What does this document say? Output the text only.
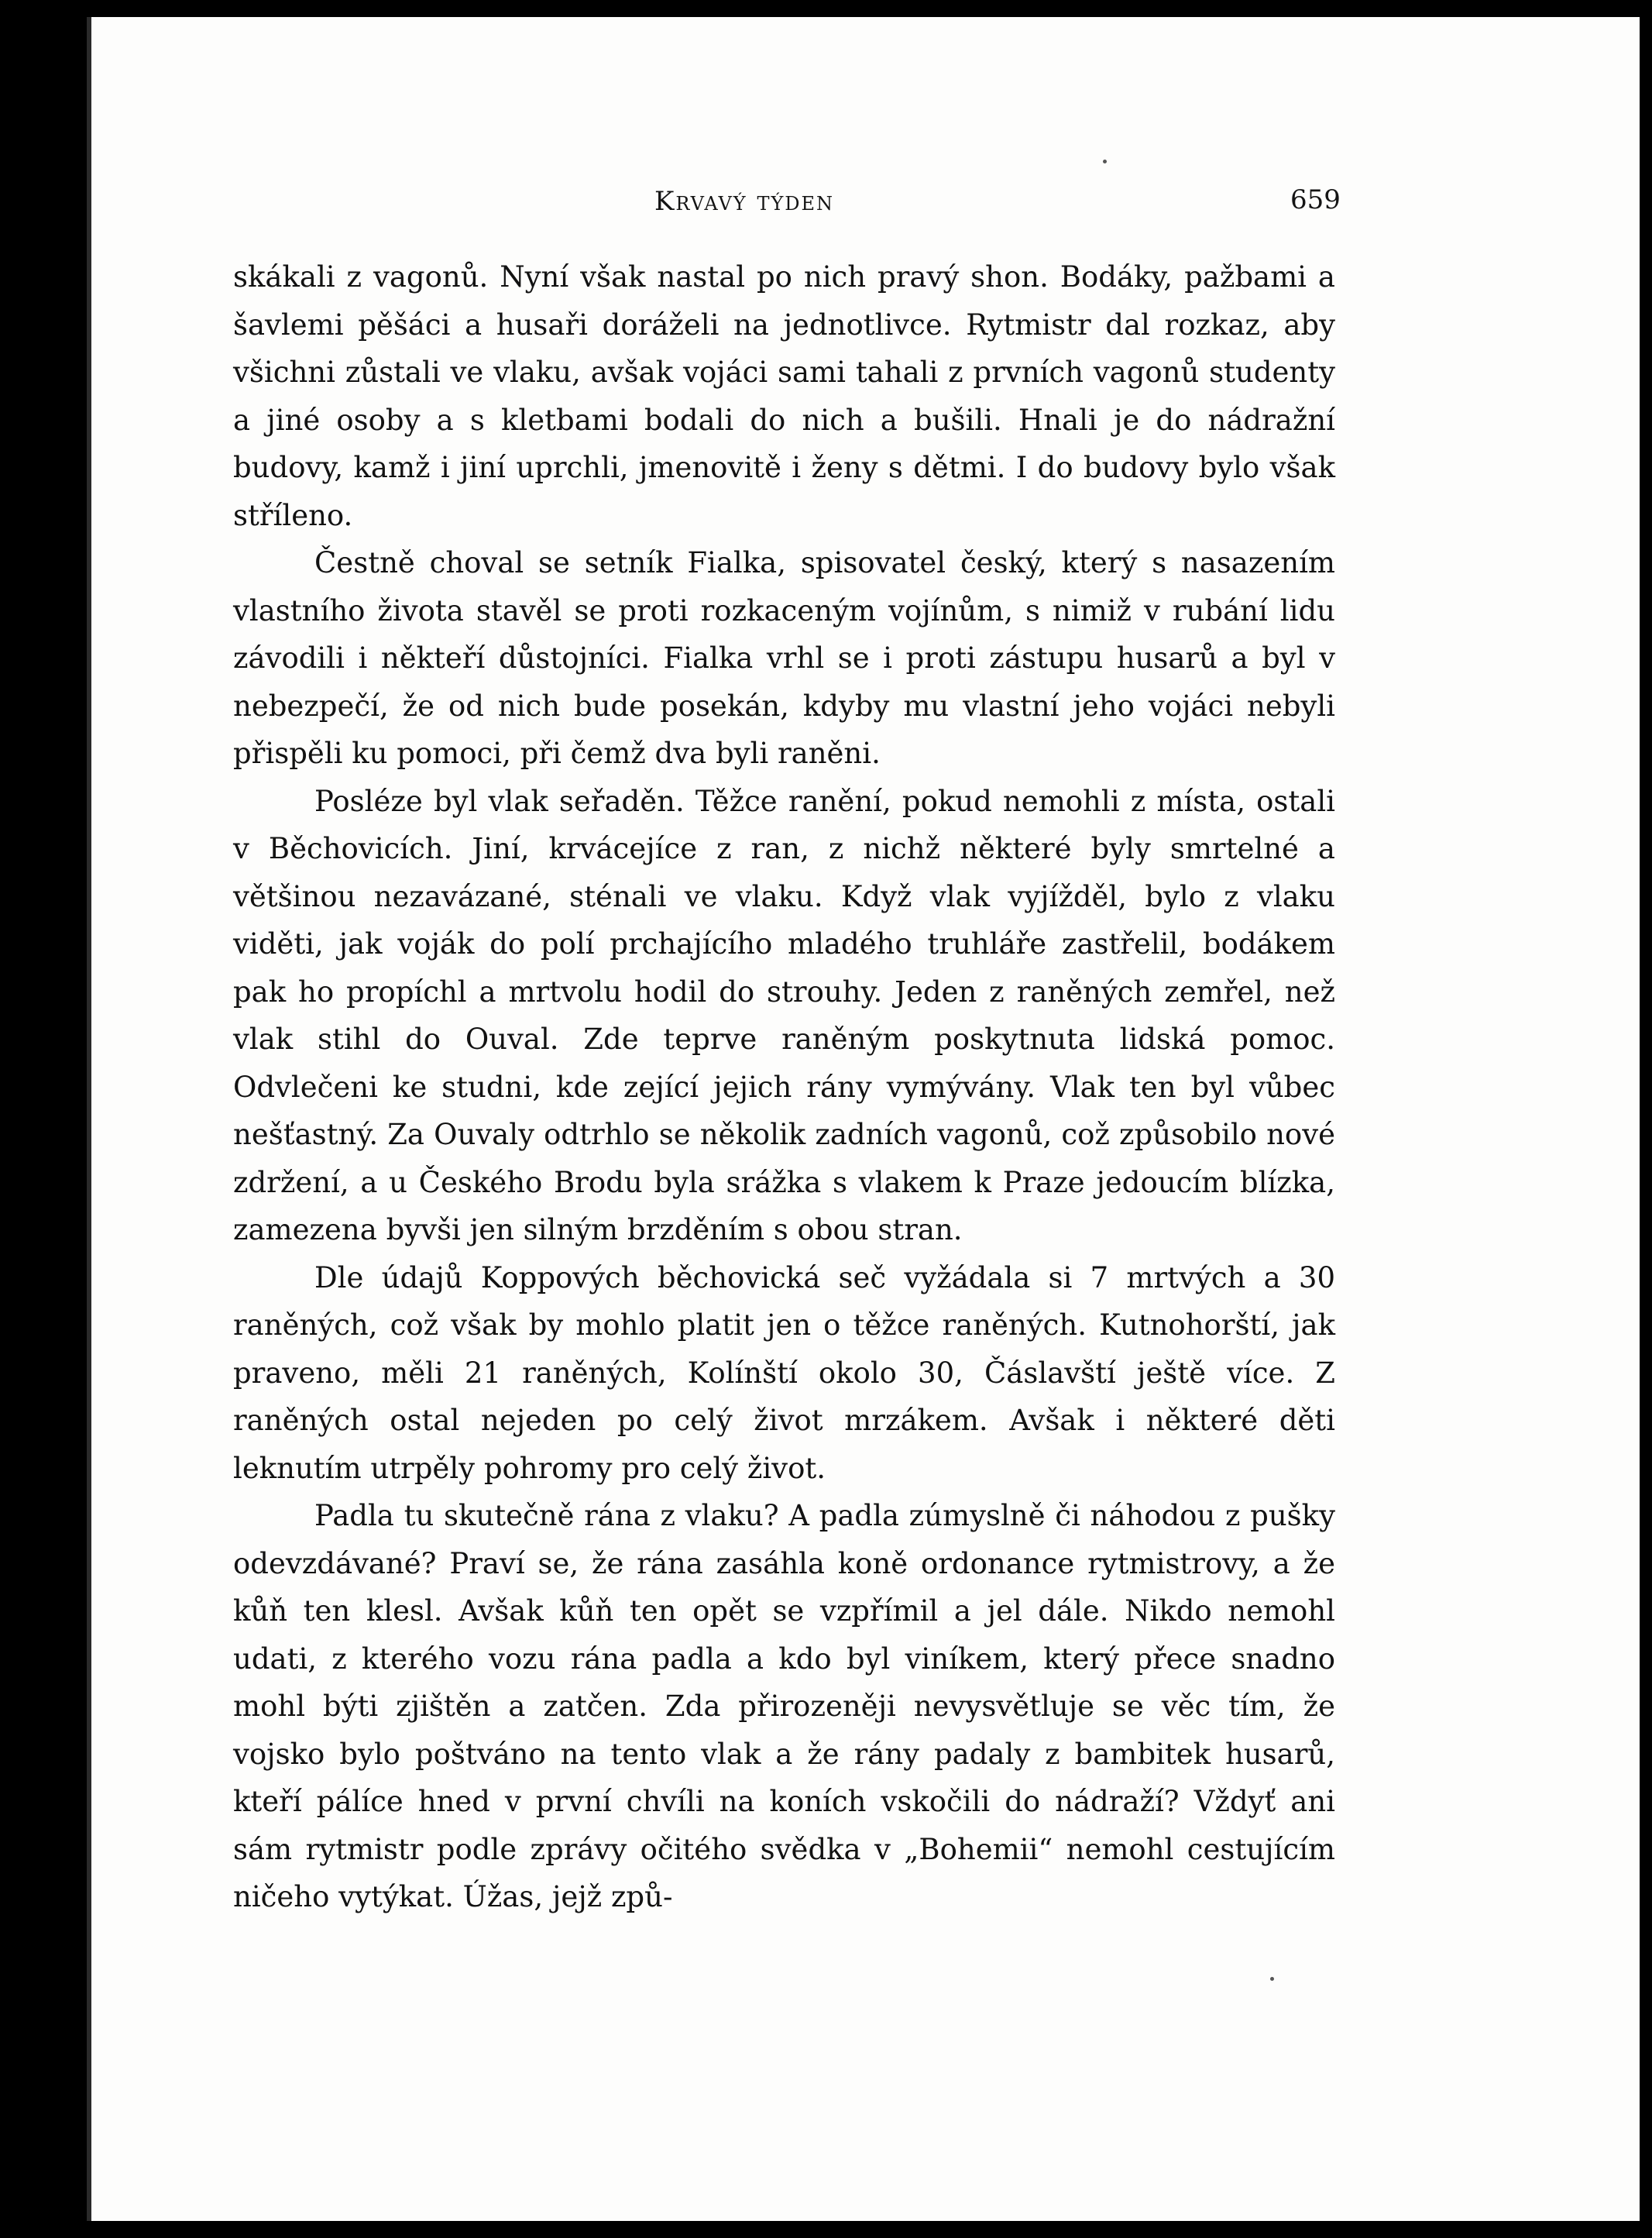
Krvavý týden	659

skákali z vagonů. Nyní však nastal po nich pravý shon. Bodáky, pažbami a šavlemi pěšáci a husaři doráželi na jednotlivce. Rytmistr dal rozkaz, aby všichni zůstali ve vlaku, avšak vojáci sami tahali z prvních vagonů studenty a jiné osoby a s kletbami bodali do nich a bušili. Hnali je do nádražní budovy, kamž i jiní uprchli, jmenovitě i ženy s dětmi. I do budovy bylo však stříleno.

Čestně choval se setník Fialka, spisovatel český, který s nasazením vlastního života stavěl se proti rozkaceným vojínům, s nimiž v rubání lidu závodili i někteří důstojníci. Fialka vrhl se i proti zástupu husarů a byl v nebezpečí, že od nich bude posekán, kdyby mu vlastní jeho vojáci nebyli přispěli ku pomoci, při čemž dva byli raněni.

Posléze byl vlak seřaděn. Těžce ranění, pokud nemohli z místa, ostali v Běchovicích. Jiní, krvácejíce z ran, z nichž některé byly smrtelné a většinou nezavázané, sténali ve vlaku. Když vlak vyjížděl, bylo z vlaku viděti, jak voják do polí prchajícího mladého truhláře zastřelil, bodákem pak ho propíchl a mrtvolu hodil do strouhy. Jeden z raněných zemřel, než vlak stihl do Ouval. Zde teprve raněným poskytnuta lidská pomoc. Odvlečeni ke studni, kde zející jejich rány vymývány. Vlak ten byl vůbec nešťastný. Za Ouvaly odtrhlo se několik zadních vagonů, což způsobilo nové zdržení, a u Českého Brodu byla srážka s vlakem k Praze jedoucím blízka, zamezena byvši jen silným brzděním s obou stran.

Dle údajů Koppových běchovická seč vyžádala si 7 mrtvých a 30 raněných, což však by mohlo platit jen o těžce raněných. Kutnohorští, jak praveno, měli 21 raněných, Kolínští okolo 30, Čáslavští ještě více. Z raněných ostal nejeden po celý život mrzákem. Avšak i některé děti leknutím utrpěly pohromy pro celý život.

Padla tu skutečně rána z vlaku? A padla zúmyslně či náhodou z pušky odevzdávané? Praví se, že rána zasáhla koně ordonance rytmistrovy, a že kůň ten klesl. Avšak kůň ten opět se vzpřímil a jel dále. Nikdo nemohl udati, z kterého vozu rána padla a kdo byl viníkem, který přece snadno mohl býti zjištěn a zatčen. Zda přirozeněji nevysvětluje se věc tím, že vojsko bylo poštváno na tento vlak a že rány padaly z bambitek husarů, kteří pálíce hned v první chvíli na koních vskočili do nádraží? Vždyť ani sám rytmistr podle zprávy očitého svědka v „Bohemii“ nemohl cestujícím ničeho vytýkat. Úžas, jejž způ-
